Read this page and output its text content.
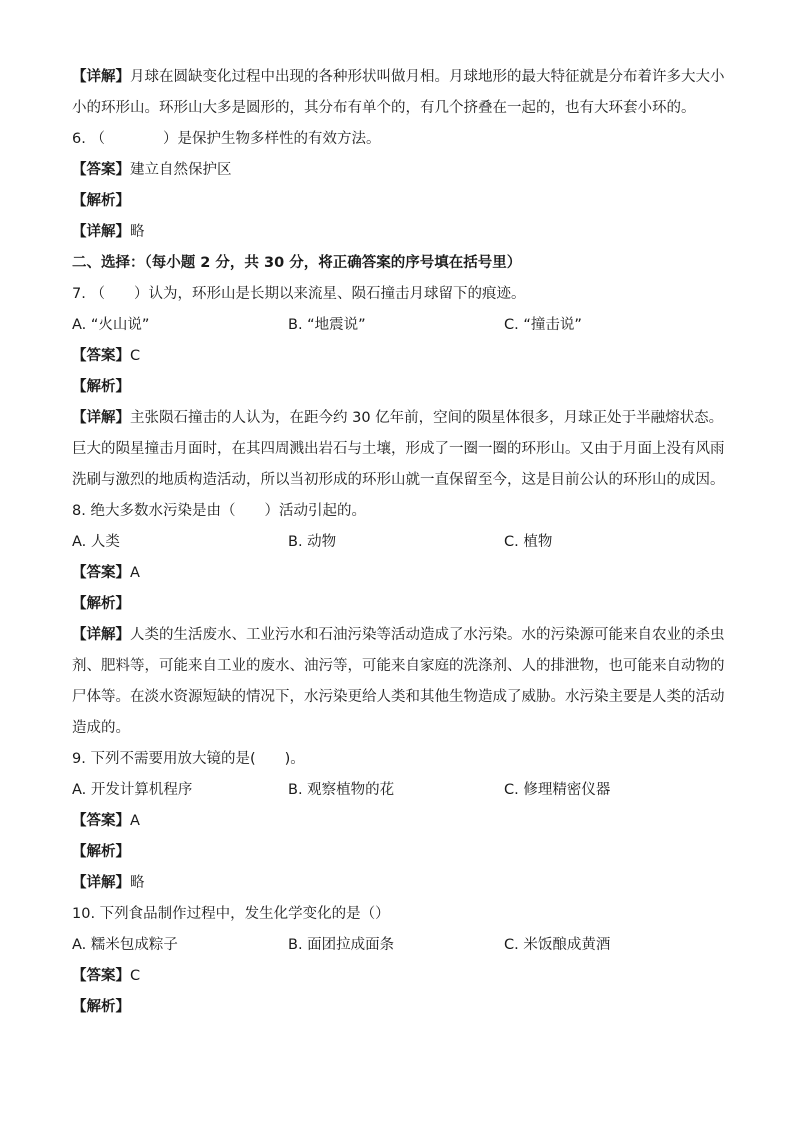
【详解】月球在圆缺变化过程中出现的各种形状叫做月相。月球地形的最大特征就是分布着许多大大小小的环形山。环形山大多是圆形的，其分布有单个的，有几个挤叠在一起的，也有大环套小环的。
6. （　　　　）是保护生物多样性的有效方法。
【答案】建立自然保护区
【解析】
【详解】略
二、选择：（每小题 2 分，共 30 分，将正确答案的序号填在括号里）
7. （　　）认为，环形山是长期以来流星、陨石撞击月球留下的痕迹。
A. “火山说”	B. “地震说”	C. “撞击说”
【答案】C
【解析】
【详解】主张陨石撞击的人认为，在距今约 30 亿年前，空间的陨星体很多，月球正处于半融熔状态。巨大的陨星撞击月面时，在其四周溅出岩石与土壤，形成了一圈一圈的环形山。又由于月面上没有风雨洗刷与激烈的地质构造活动，所以当初形成的环形山就一直保留至今，这是目前公认的环形山的成因。
8. 绝大多数水污染是由（　　）活动引起的。
A. 人类	B. 动物	C. 植物
【答案】A
【解析】
【详解】人类的生活废水、工业污水和石油污染等活动造成了水污染。水的污染源可能来自农业的杀虫剂、肥料等，可能来自工业的废水、油污等，可能来自家庭的洗涤剂、人的排泄物，也可能来自动物的尸体等。在淡水资源短缺的情况下，水污染更给人类和其他生物造成了威胁。水污染主要是人类的活动造成的。
9. 下列不需要用放大镜的是(　　)。
A. 开发计算机程序	B. 观察植物的花	C. 修理精密仪器
【答案】A
【解析】
【详解】略
10. 下列食品制作过程中，发生化学变化的是（）
A. 糯米包成粽子	B. 面团拉成面条	C. 米饭酿成黄酒
【答案】C
【解析】
